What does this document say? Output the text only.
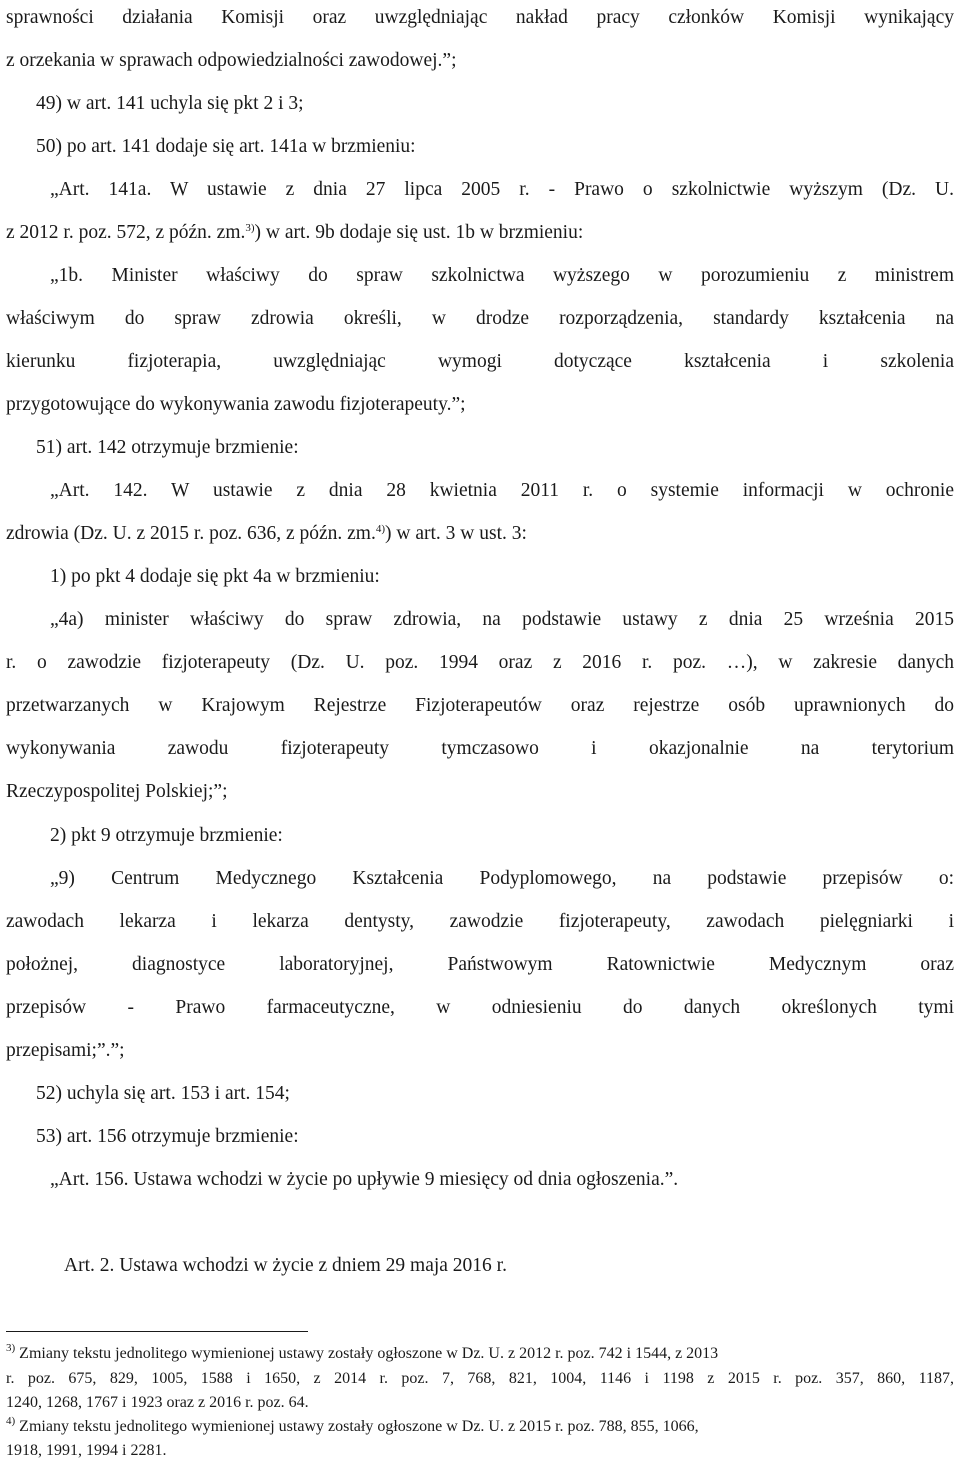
sprawności działania Komisji oraz uwzględniając nakład pracy członków Komisji wynikający
z orzekania w sprawach odpowiedzialności zawodowej.”;
49) w art. 141 uchyla się pkt 2 i 3;
50) po art. 141 dodaje się art. 141a w brzmieniu:
„Art. 141a. W ustawie z dnia 27 lipca 2005 r. - Prawo o szkolnictwie wyższym (Dz. U.
z 2012 r. poz. 572, z późn. zm.$^{3)}$) w art. 9b dodaje się ust. 1b w brzmieniu:
„1b. Minister właściwy do spraw szkolnictwa wyższego w porozumieniu z ministrem
właściwym do spraw zdrowia określi, w drodze rozporządzenia, standardy kształcenia na
kierunku fizjoterapia, uwzględniając wymogi dotyczące kształcenia i szkolenia
przygotowujące do wykonywania zawodu fizjoterapeuty.”;
51) art. 142 otrzymuje brzmienie:
„Art. 142. W ustawie z dnia 28 kwietnia 2011 r. o systemie informacji w ochronie
zdrowia (Dz. U. z 2015 r. poz. 636, z późn. zm.$^{4)}$) w art. 3 w ust. 3:
1) po pkt 4 dodaje się pkt 4a w brzmieniu:
„4a) minister właściwy do spraw zdrowia, na podstawie ustawy z dnia 25 września 2015
r. o zawodzie fizjoterapeuty (Dz. U. poz. 1994 oraz z 2016 r. poz. …), w zakresie danych
przetwarzanych w Krajowym Rejestrze Fizjoterapeutów oraz rejestrze osób uprawnionych do
wykonywania zawodu fizjoterapeuty tymczasowo i okazjonalnie na terytorium
Rzeczypospolitej Polskiej;”;
2) pkt 9 otrzymuje brzmienie:
„9) Centrum Medycznego Kształcenia Podyplomowego, na podstawie przepisów o:
zawodach lekarza i lekarza dentysty, zawodzie fizjoterapeuty, zawodach pielęgniarki i
położnej, diagnostyce laboratoryjnej, Państwowym Ratownictwie Medycznym oraz
przepisów - Prawo farmaceutyczne, w odniesieniu do danych określonych tymi
przepisami;”.”;
52) uchyla się art. 153 i art. 154;
53) art. 156 otrzymuje brzmienie:
„Art. 156. Ustawa wchodzi w życie po upływie 9 miesięcy od dnia ogłoszenia.”.
Art. 2. Ustawa wchodzi w życie z dniem 29 maja 2016 r.
$^{3)}$ Zmiany tekstu jednolitego wymienionej ustawy zostały ogłoszone w Dz. U. z 2012 r. poz. 742 i 1544, z 2013
r. poz. 675, 829, 1005, 1588 i 1650, z 2014 r. poz. 7, 768, 821, 1004, 1146 i 1198 z 2015 r. poz. 357, 860, 1187,
1240, 1268, 1767 i 1923 oraz z 2016 r. poz. 64.
$^{4)}$ Zmiany tekstu jednolitego wymienionej ustawy zostały ogłoszone w Dz. U. z 2015 r. poz. 788, 855, 1066,
1918, 1991, 1994 i 2281.
